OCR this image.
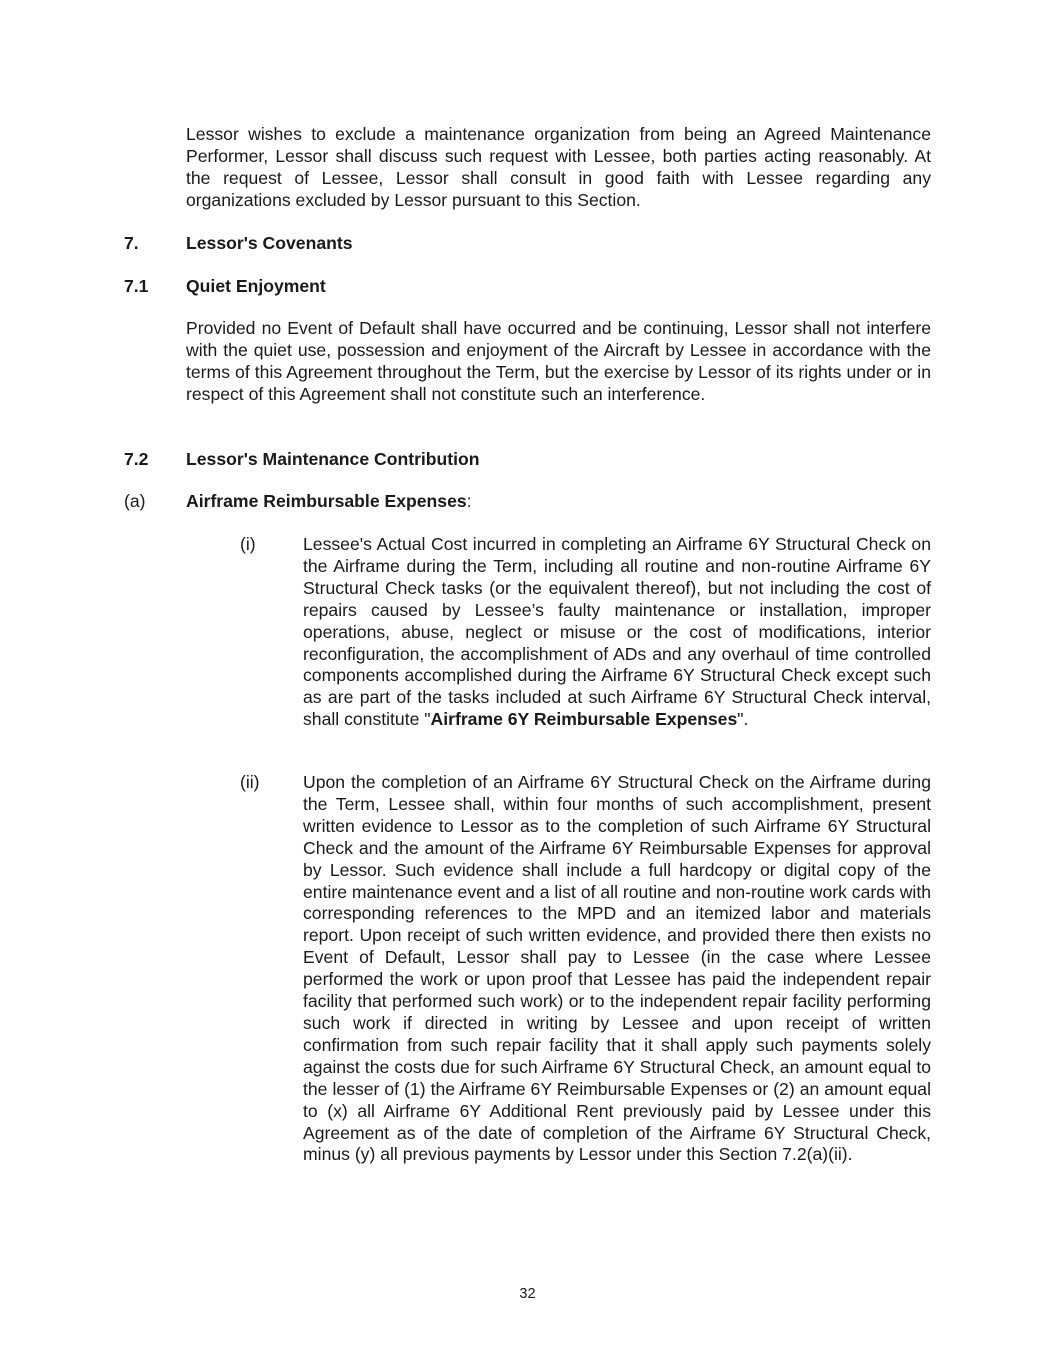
Lessor wishes to exclude a maintenance organization from being an Agreed Maintenance Performer, Lessor shall discuss such request with Lessee, both parties acting reasonably. At the request of Lessee, Lessor shall consult in good faith with Lessee regarding any organizations excluded by Lessor pursuant to this Section.

7.	Lessor's Covenants
7.1 Quiet Enjoyment

Provided no Event of Default shall have occurred and be continuing, Lessor shall not interfere with the quiet use, possession and enjoyment of the Aircraft by Lessee in accordance with the terms of this Agreement throughout the Term, but the exercise by Lessor of its rights under or in respect of this Agreement shall not constitute such an interference.

7.2 Lessor's Maintenance Contribution
(a) Airframe Reimbursable Expenses:
(i)	Lessee's Actual Cost incurred in completing an Airframe 6Y Structural Check on the Airframe during the Term, including all routine and non-routine Airframe 6Y Structural Check tasks (or the equivalent thereof), but not including the cost of repairs caused by Lessee’s faulty maintenance or installation, improper operations, abuse, neglect or misuse or the cost of modifications, interior reconfiguration, the accomplishment of ADs and any overhaul of time controlled components accomplished during the Airframe 6Y Structural Check except such as are part of the tasks included at such Airframe 6Y Structural Check interval, shall constitute "Airframe 6Y Reimbursable Expenses".

(ii) Upon the completion of an Airframe 6Y Structural Check on the Airframe during the Term, Lessee shall, within four months of such accomplishment, present written evidence to Lessor as to the completion of such Airframe 6Y Structural Check and the amount of the Airframe 6Y Reimbursable Expenses for approval by Lessor. Such evidence shall include a full hardcopy or digital copy of the entire maintenance event and a list of all routine and non-routine work cards with corresponding references to the MPD and an itemized labor and materials report. Upon receipt of such written evidence, and provided there then exists no Event of Default, Lessor shall pay to Lessee (in the case where Lessee performed the work or upon proof that Lessee has paid the independent repair facility that performed such work) or to the independent repair facility performing such work if directed in writing by Lessee and upon receipt of written confirmation from such repair facility that it shall apply such payments solely against the costs due for such Airframe 6Y Structural Check, an amount equal to the lesser of (1) the Airframe 6Y Reimbursable Expenses or (2) an amount equal to (x) all Airframe 6Y Additional Rent previously paid by Lessee under this Agreement as of the date of completion of the Airframe 6Y Structural Check, minus (y) all previous payments by Lessor under this Section 7.2(a)(ii).

32
